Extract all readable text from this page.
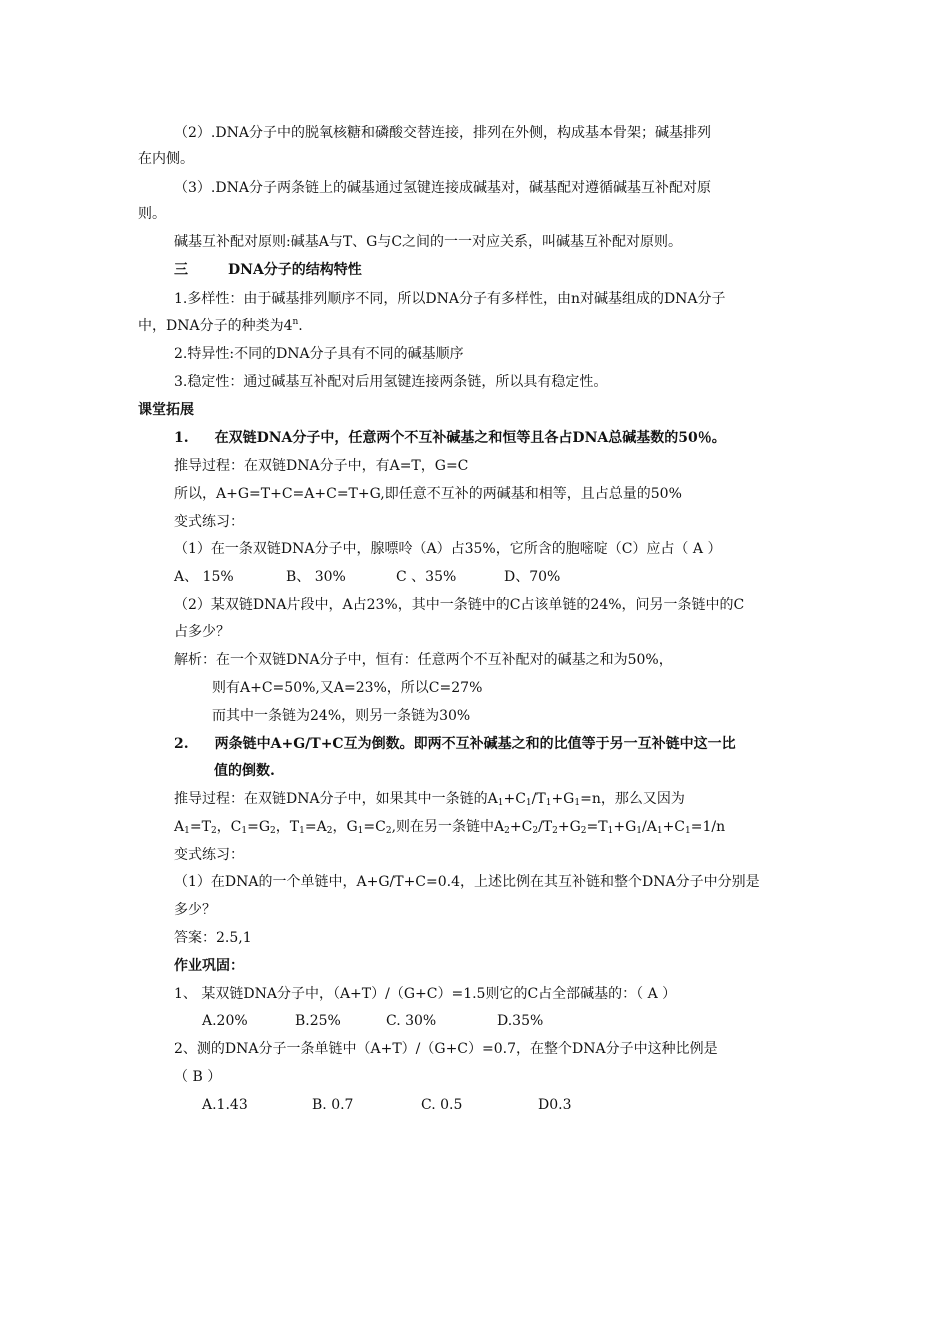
（2）.DNA分子中的脱氧核糖和磷酸交替连接，排列在外侧，构成基本骨架；碱基排列
在内侧。
（3）.DNA分子两条链上的碱基通过氢键连接成碱基对，碱基配对遵循碱基互补配对原
则。
碱基互补配对原则:碱基A与T、G与C之间的一一对应关系，叫碱基互补配对原则。
三	DNA分子的结构特性
1.多样性：由于碱基排列顺序不同，所以DNA分子有多样性，由n对碱基组成的DNA分子
中，DNA分子的种类为4$^n$.
2.特异性:不同的DNA分子具有不同的碱基顺序
3.稳定性：通过碱基互补配对后用氢键连接两条链，所以具有稳定性。
课堂拓展
1. 在双链DNA分子中，任意两个不互补碱基之和恒等且各占DNA总碱基数的50％。
推导过程：在双链DNA分子中，有A=T，G=C
所以，A+G=T+C=A+C=T+G,即任意不互补的两碱基和相等，且占总量的50%
变式练习：
（1）在一条双链DNA分子中，腺嘌呤（A）占35%，它所含的胞嘧啶（C）应占（ A ）
A、 15%	B、 30%	C 、35%	D、70%
（2）某双链DNA片段中，A占23%，其中一条链中的C占该单链的24%，问另一条链中的C
占多少？
解析：在一个双链DNA分子中，恒有：任意两个不互补配对的碱基之和为50%，
则有A+C=50%,又A=23%，所以C=27%
而其中一条链为24%，则另一条链为30%
2. 两条链中A+G/T+C互为倒数。即两不互补碱基之和的比值等于另一互补链中这一比
值的倒数.
推导过程：在双链DNA分子中，如果其中一条链的$A_1+C_1/T_1+G_1=n$，那么又因为
$A_1=T_2$，$C_1=G_2$，$T_1=A_2$，$G_1=C_2$,则在另一条链中$A_2+C_2/T_2+G_2=T_1+G_1/A_1+C_1=1/n$
变式练习：
（1）在DNA的一个单链中，A+G/T+C=0.4，上述比例在其互补链和整个DNA分子中分别是
多少？
答案：2.5,1
作业巩固：
1、 某双链DNA分子中，（A+T）/（G+C）=1.5则它的C占全部碱基的：（ A ）
A.20%	B.25%	C. 30%	D.35%
2、测的DNA分子一条单链中（A+T）/（G+C）=0.7，在整个DNA分子中这种比例是
（ B ）
A.1.43	B. 0.7	C. 0.5	D0.3
